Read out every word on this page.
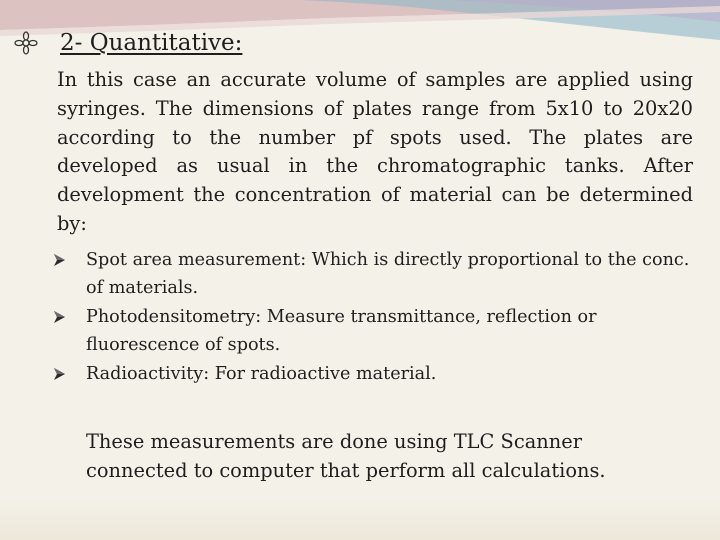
2- Quantitative:

In this case an accurate volume of samples are applied using syringes. The dimensions of plates range from 5x10 to 20x20 according to the number pf spots used. The plates are developed as usual in the chromatographic tanks. After development the concentration of material can be determined by:

Spot area measurement: Which is directly proportional to the conc. of materials.
Photodensitometry: Measure transmittance, reflection or fluorescence of spots.
Radioactivity: For radioactive material.

These measurements are done using TLC Scanner connected to computer that perform all calculations.
